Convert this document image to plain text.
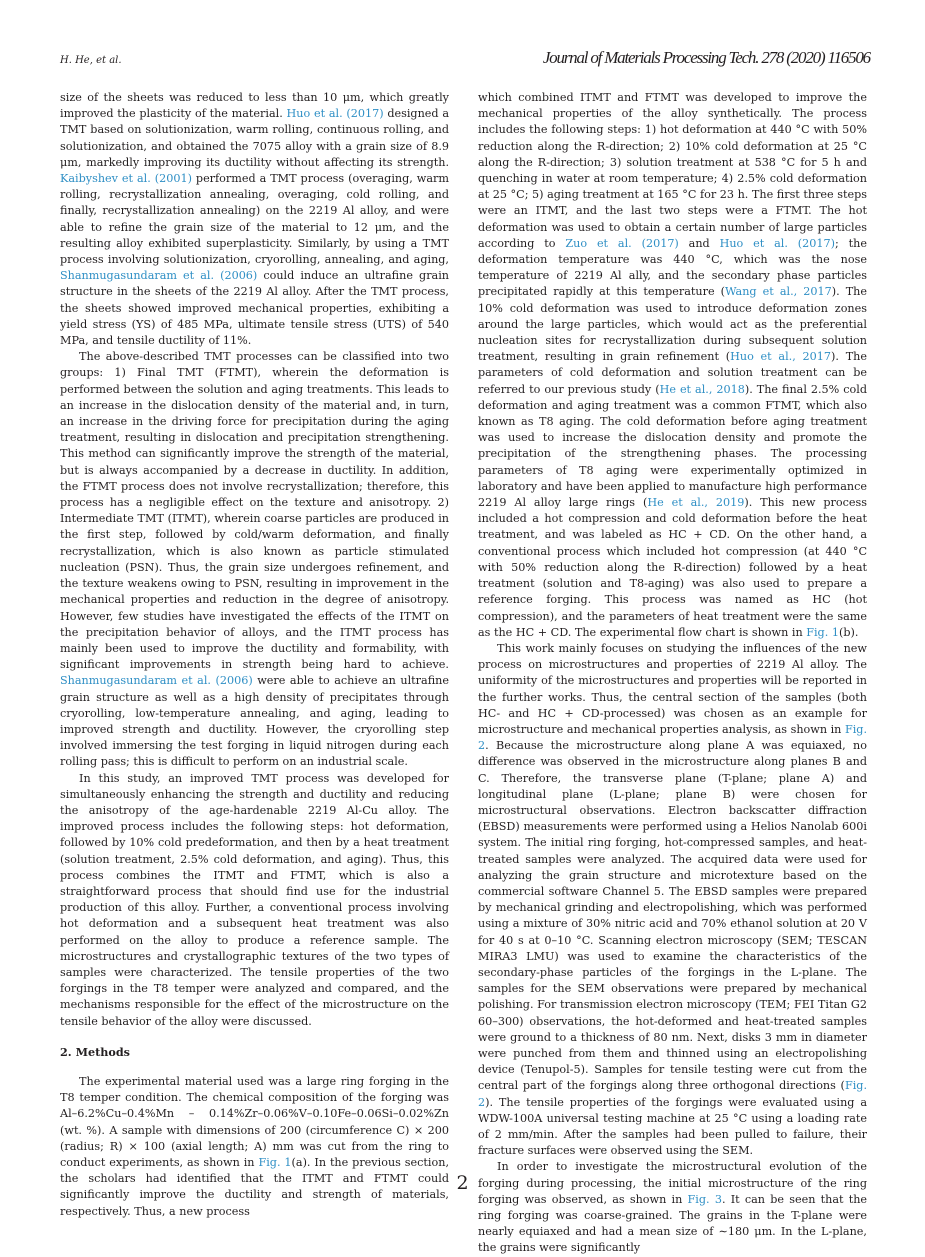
H. He, et al.	Journal of Materials Processing Tech. 278 (2020) 116506

size of the sheets was reduced to less than 10 μm, which greatly improved the plasticity of the material. Huo et al. (2017) designed a TMT based on solutionization, warm rolling, continuous rolling, and solutionization, and obtained the 7075 alloy with a grain size of 8.9 μm, markedly improving its ductility without affecting its strength. Kaibyshev et al. (2001) performed a TMT process (overaging, warm rolling, recrystallization annealing, overaging, cold rolling, and finally, recrystallization annealing) on the 2219 Al alloy, and were able to refine the grain size of the material to 12 μm, and the resulting alloy exhibited superplasticity. Similarly, by using a TMT process involving solutionization, cryorolling, annealing, and aging, Shanmugasundaram et al. (2006) could induce an ultrafine grain structure in the sheets of the 2219 Al alloy. After the TMT process, the sheets showed improved mechanical properties, exhibiting a yield stress (YS) of 485 MPa, ultimate tensile stress (UTS) of 540 MPa, and tensile ductility of 11%.

The above-described TMT processes can be classified into two groups: 1) Final TMT (FTMT), wherein the deformation is performed between the solution and aging treatments. This leads to an increase in the dislocation density of the material and, in turn, an increase in the driving force for precipitation during the aging treatment, resulting in dislocation and precipitation strengthening. This method can significantly improve the strength of the material, but is always accompanied by a decrease in ductility. In addition, the FTMT process does not involve recrystallization; therefore, this process has a negligible effect on the texture and anisotropy. 2) Intermediate TMT (ITMT), wherein coarse particles are produced in the first step, followed by cold/warm deformation, and finally recrystallization, which is also known as particle stimulated nucleation (PSN). Thus, the grain size undergoes refinement, and the texture weakens owing to PSN, resulting in improvement in the mechanical properties and reduction in the degree of anisotropy. However, few studies have investigated the effects of the ITMT on the precipitation behavior of alloys, and the ITMT process has mainly been used to improve the ductility and formability, with significant improvements in strength being hard to achieve. Shanmugasundaram et al. (2006) were able to achieve an ultrafine grain structure as well as a high density of precipitates through cryorolling, low-temperature annealing, and aging, leading to improved strength and ductility. However, the cryorolling step involved immersing the test forging in liquid nitrogen during each rolling pass; this is difficult to perform on an industrial scale.

In this study, an improved TMT process was developed for simultaneously enhancing the strength and ductility and reducing the anisotropy of the age-hardenable 2219 Al-Cu alloy. The improved process includes the following steps: hot deformation, followed by 10% cold predeformation, and then by a heat treatment (solution treatment, 2.5% cold deformation, and aging). Thus, this process combines the ITMT and FTMT, which is also a straightforward process that should find use for the industrial production of this alloy. Further, a conventional process involving hot deformation and a subsequent heat treatment was also performed on the alloy to produce a reference sample. The microstructures and crystallographic textures of the two types of samples were characterized. The tensile properties of the two forgings in the T8 temper were analyzed and compared, and the mechanisms responsible for the effect of the microstructure on the tensile behavior of the alloy were discussed.

2. Methods

The experimental material used was a large ring forging in the T8 temper condition. The chemical composition of the forging was Al–6.2%Cu–0.4%Mn – 0.14%Zr–0.06%V–0.10Fe–0.06Si–0.02%Zn (wt. %). A sample with dimensions of 200 (circumference C) × 200 (radius; R) × 100 (axial length; A) mm was cut from the ring to conduct experiments, as shown in Fig. 1(a). In the previous section, the scholars had identified that the ITMT and FTMT could significantly improve the ductility and strength of materials, respectively. Thus, a new process

which combined ITMT and FTMT was developed to improve the mechanical properties of the alloy synthetically. The process includes the following steps: 1) hot deformation at 440 °C with 50% reduction along the R-direction; 2) 10% cold deformation at 25 °C along the R-direction; 3) solution treatment at 538 °C for 5 h and quenching in water at room temperature; 4) 2.5% cold deformation at 25 °C; 5) aging treatment at 165 °C for 23 h. The first three steps were an ITMT, and the last two steps were a FTMT. The hot deformation was used to obtain a certain number of large particles according to Zuo et al. (2017) and Huo et al. (2017); the deformation temperature was 440 °C, which was the nose temperature of 2219 Al ally, and the secondary phase particles precipitated rapidly at this temperature (Wang et al., 2017). The 10% cold deformation was used to introduce deformation zones around the large particles, which would act as the preferential nucleation sites for recrystallization during subsequent solution treatment, resulting in grain refinement (Huo et al., 2017). The parameters of cold deformation and solution treatment can be referred to our previous study (He et al., 2018). The final 2.5% cold deformation and aging treatment was a common FTMT, which also known as T8 aging. The cold deformation before aging treatment was used to increase the dislocation density and promote the precipitation of the strengthening phases. The processing parameters of T8 aging were experimentally optimized in laboratory and have been applied to manufacture high performance 2219 Al alloy large rings (He et al., 2019). This new process included a hot compression and cold deformation before the heat treatment, and was labeled as HC + CD. On the other hand, a conventional process which included hot compression (at 440 °C with 50% reduction along the R-direction) followed by a heat treatment (solution and T8-aging) was also used to prepare a reference forging. This process was named as HC (hot compression), and the parameters of heat treatment were the same as the HC + CD. The experimental flow chart is shown in Fig. 1(b).

This work mainly focuses on studying the influences of the new process on microstructures and properties of 2219 Al alloy. The uniformity of the microstructures and properties will be reported in the further works. Thus, the central section of the samples (both HC- and HC + CD-processed) was chosen as an example for microstructure and mechanical properties analysis, as shown in Fig. 2. Because the microstructure along plane A was equiaxed, no difference was observed in the microstructure along planes B and C. Therefore, the transverse plane (T-plane; plane A) and longitudinal plane (L-plane; plane B) were chosen for microstructural observations. Electron backscatter diffraction (EBSD) measurements were performed using a Helios Nanolab 600i system. The initial ring forging, hot-compressed samples, and heat-treated samples were analyzed. The acquired data were used for analyzing the grain structure and microtexture based on the commercial software Channel 5. The EBSD samples were prepared by mechanical grinding and electropolishing, which was performed using a mixture of 30% nitric acid and 70% ethanol solution at 20 V for 40 s at 0–10 °C. Scanning electron microscopy (SEM; TESCAN MIRA3 LMU) was used to examine the characteristics of the secondary-phase particles of the forgings in the L-plane. The samples for the SEM observations were prepared by mechanical polishing. For transmission electron microscopy (TEM; FEI Titan G2 60–300) observations, the hot-deformed and heat-treated samples were ground to a thickness of 80 nm. Next, disks 3 mm in diameter were punched from them and thinned using an electropolishing device (Tenupol-5). Samples for tensile testing were cut from the central part of the forgings along three orthogonal directions (Fig. 2). The tensile properties of the forgings were evaluated using a WDW-100A universal testing machine at 25 °C using a loading rate of 2 mm/min. After the samples had been pulled to failure, their fracture surfaces were observed using the SEM.

In order to investigate the microstructural evolution of the forging during processing, the initial microstructure of the ring forging was observed, as shown in Fig. 3. It can be seen that the ring forging was coarse-grained. The grains in the T-plane were nearly equiaxed and had a mean size of ∼180 μm. In the L-plane, the grains were significantly

2
